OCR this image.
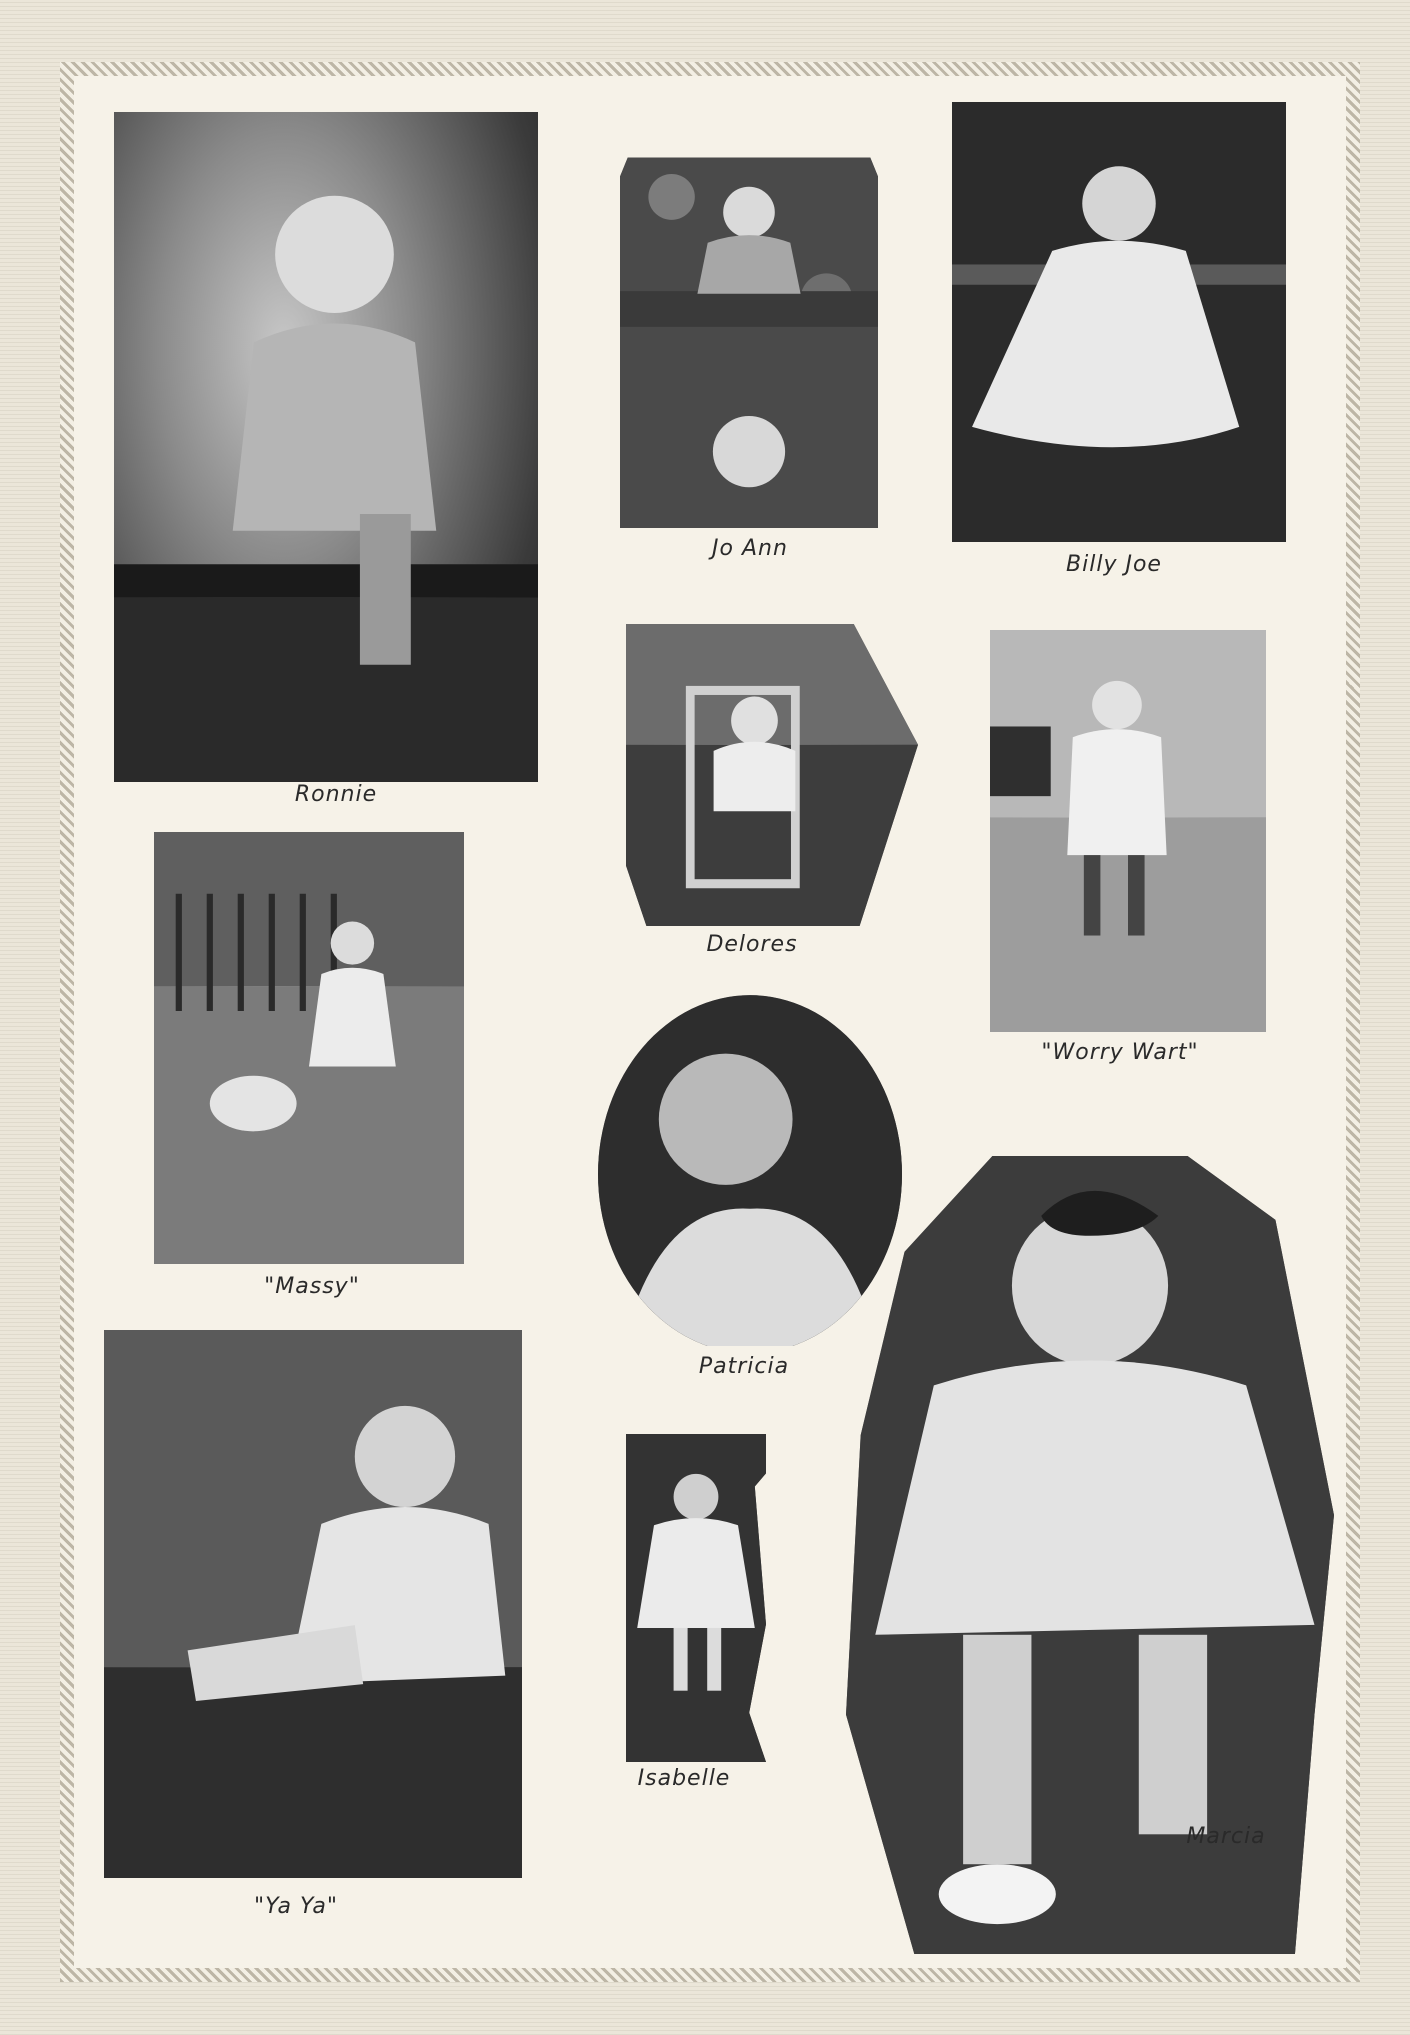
Ronnie
Jo Ann
Billy Joe
Delores
"Worry Wart"
"Massy"
Patricia
"Ya Ya"
Isabelle
Marcia
